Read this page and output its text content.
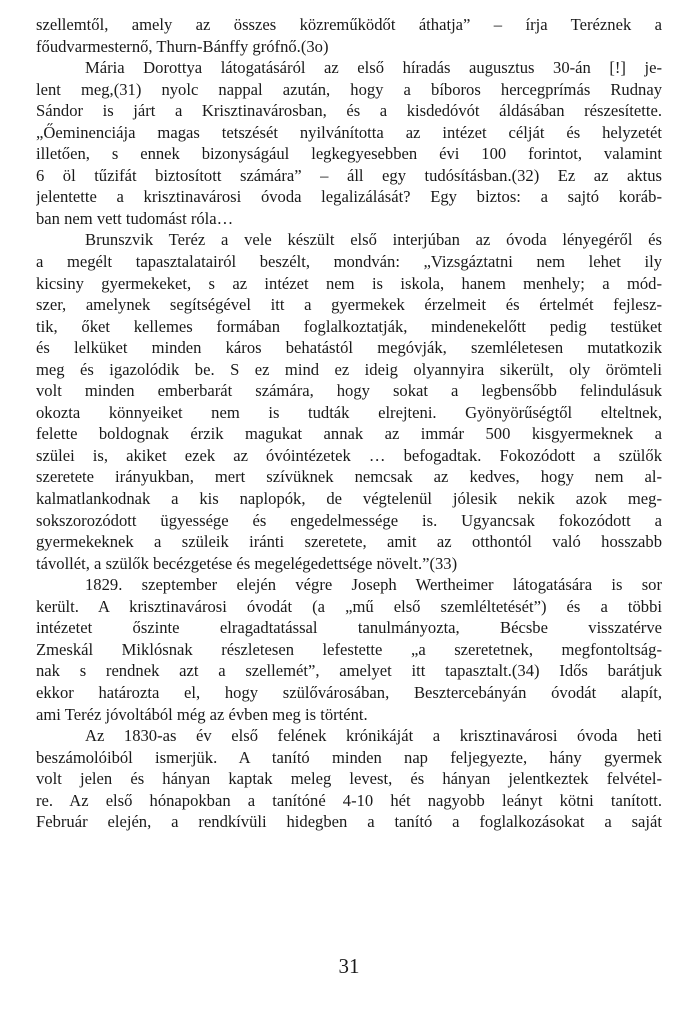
szellemtől, amely az összes közreműködőt áthatja” – írja Teréznek a
főudvarmesternő, Thurn-Bánffy grófnő.(3o)
Mária Dorottya látogatásáról az első híradás augusztus 30-án [!] je-
lent meg,(31) nyolc nappal azután, hogy a bíboros hercegprímás Rudnay
Sándor is járt a Krisztinavárosban, és a kisdedóvót áldásában részesítette.
„Őeminenciája magas tetszését nyilvánította az intézet célját és helyzetét
illetően, s ennek bizonyságául legkegyesebben évi 100 forintot, valamint
6 öl tűzifát biztosított számára” – áll egy tudósításban.(32) Ez az aktus
jelentette a krisztinavárosi óvoda legalizálását? Egy biztos: a sajtó koráb-
ban nem vett tudomást róla…
Brunszvik Teréz a vele készült első interjúban az óvoda lényegéről és
a megélt tapasztalatairól beszélt, mondván: „Vizsgáztatni nem lehet ily
kicsiny gyermekeket, s az intézet nem is iskola, hanem menhely; a mód-
szer, amelynek segítségével itt a gyermekek érzelmeit és értelmét fejlesz-
tik, őket kellemes formában foglalkoztatják, mindenekelőtt pedig testüket
és lelküket minden káros behatástól megóvják, szemléletesen mutatkozik
meg és igazolódik be. S ez mind ez ideig olyannyira sikerült, oly örömteli
volt minden emberbarát számára, hogy sokat a legbensőbb felindulásuk
okozta könnyeiket nem is tudták elrejteni. Gyönyörűségtől elteltnek,
felette boldognak érzik magukat annak az immár 500 kisgyermeknek a
szülei is, akiket ezek az óvóintézetek … befogadtak. Fokozódott a szülők
szeretete irányukban, mert szívüknek nemcsak az kedves, hogy nem al-
kalmatlankodnak a kis naplopók, de végtelenül jólesik nekik azok meg-
sokszorozódott ügyessége és engedelmessége is. Ugyancsak fokozódott a
gyermekeknek a szüleik iránti szeretete, amit az otthontól való hosszabb
távollét, a szülők becézgetése és megelégedettsége növelt.”(33)
1829. szeptember elején végre Joseph Wertheimer látogatására is sor
került. A krisztinavárosi óvodát (a „mű első szemléltetését”) és a többi
intézetet őszinte elragadtatással tanulmányozta, Bécsbe visszatérve
Zmeskál Miklósnak részletesen lefestette „a szeretetnek, megfontoltság-
nak s rendnek azt a szellemét”, amelyet itt tapasztalt.(34) Idős barátjuk
ekkor határozta el, hogy szülővárosában, Besztercebányán óvodát alapít,
ami Teréz jóvoltából még az évben meg is történt.
Az 1830-as év első felének krónikáját a krisztinavárosi óvoda heti
beszámolóiból ismerjük. A tanító minden nap feljegyezte, hány gyermek
volt jelen és hányan kaptak meleg levest, és hányan jelentkeztek felvétel-
re. Az első hónapokban a tanítóné 4-10 hét nagyobb leányt kötni tanított.
Február elején, a rendkívüli hidegben a tanító a foglalkozásokat a saját
31
